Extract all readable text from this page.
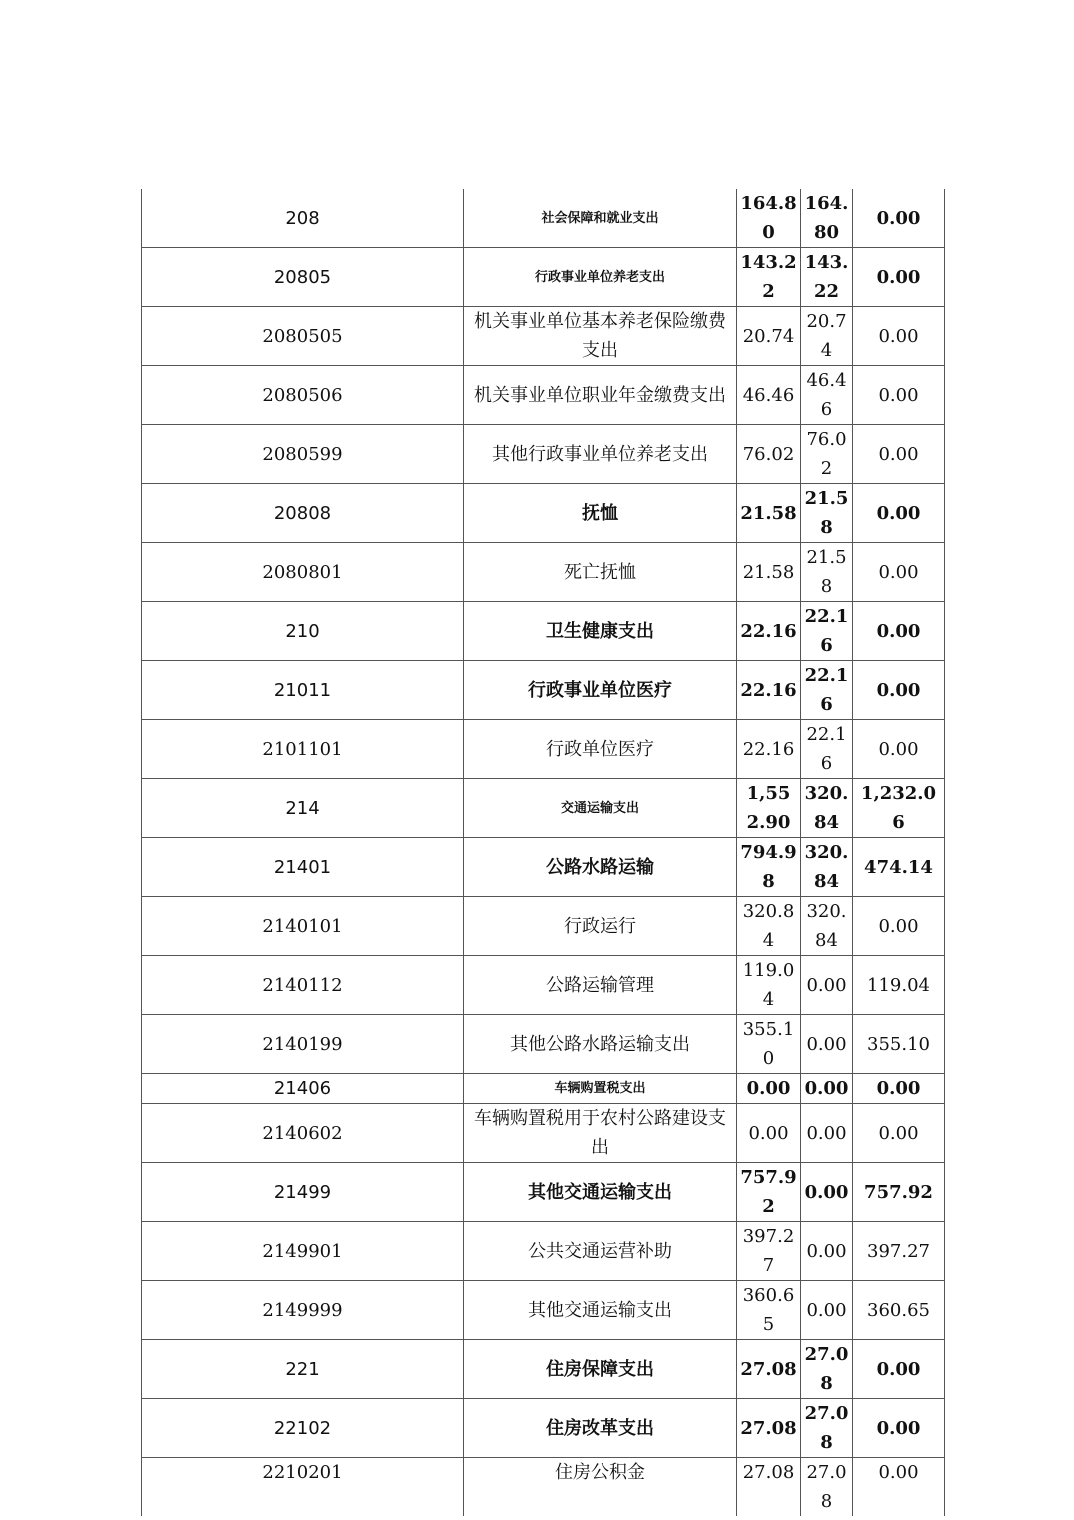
208	社会保障和就业支出	164.80	164.80	0.00
20805	行政事业单位养老支出	143.22	143.22	0.00
2080505	机关事业单位基本养老保险缴费支出	20.74	20.74	0.00
2080506	机关事业单位职业年金缴费支出	46.46	46.46	0.00
2080599	其他行政事业单位养老支出	76.02	76.02	0.00
20808	抚恤	21.58	21.58	0.00
2080801	死亡抚恤	21.58	21.58	0.00
210	卫生健康支出	22.16	22.16	0.00
21011	行政事业单位医疗	22.16	22.16	0.00
2101101	行政单位医疗	22.16	22.16	0.00
214	交通运输支出	1,552.90	320.84	1,232.06
21401	公路水路运输	794.98	320.84	474.14
2140101	行政运行	320.84	320.84	0.00
2140112	公路运输管理	119.04	0.00	119.04
2140199	其他公路水路运输支出	355.10	0.00	355.10
21406	车辆购置税支出	0.00	0.00	0.00
2140602	车辆购置税用于农村公路建设支出	0.00	0.00	0.00
21499	其他交通运输支出	757.92	0.00	757.92
2149901	公共交通运营补助	397.27	0.00	397.27
2149999	其他交通运输支出	360.65	0.00	360.65
221	住房保障支出	27.08	27.08	0.00
22102	住房改革支出	27.08	27.08	0.00
2210201	住房公积金	27.08	27.08	0.00
